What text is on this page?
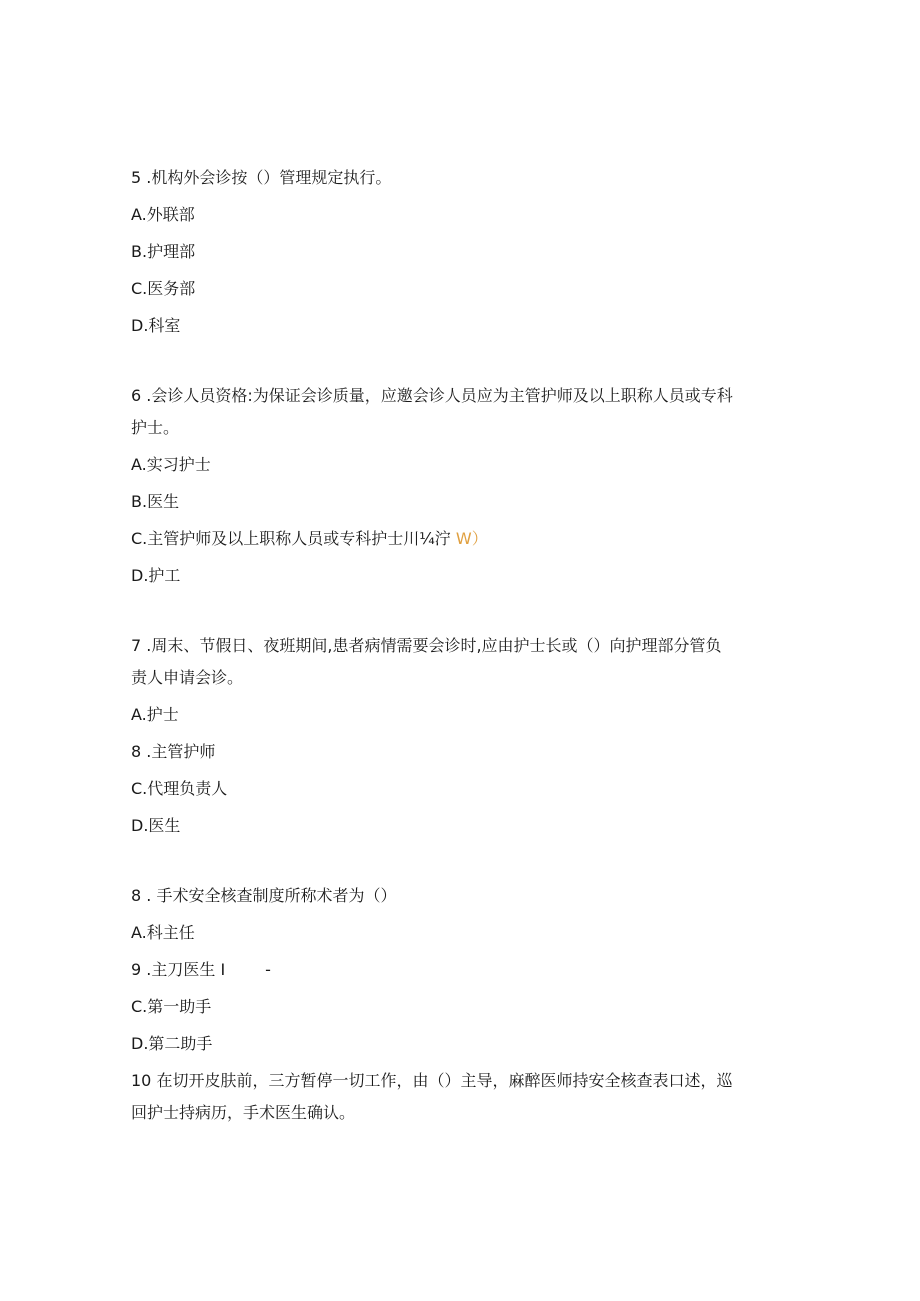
5 .机构外会诊按（）管理规定执行。
A.外联部
B.护理部
C.医务部
D.科室
6 .会诊人员资格:为保证会诊质量，应邀会诊人员应为主管护师及以上职称人员或专科
护士。
A.实习护士
B.医生
C.主管护师及以上职称人员或专科护士川¼泞 W）
D.护工
7 .周末、节假日、夜班期间,患者病情需要会诊时,应由护士长或（）向护理部分管负
责人申请会诊。
A.护士
8 .主管护师
C.代理负责人
D.医生
8 . 手术安全核查制度所称术者为（）
A.科主任
9 .主刀医生 I	-
C.第一助手
D.第二助手
10 在切开皮肤前，三方暂停一切工作，由（）主导，麻醉医师持安全核查表口述，巡
回护士持病历，手术医生确认。
